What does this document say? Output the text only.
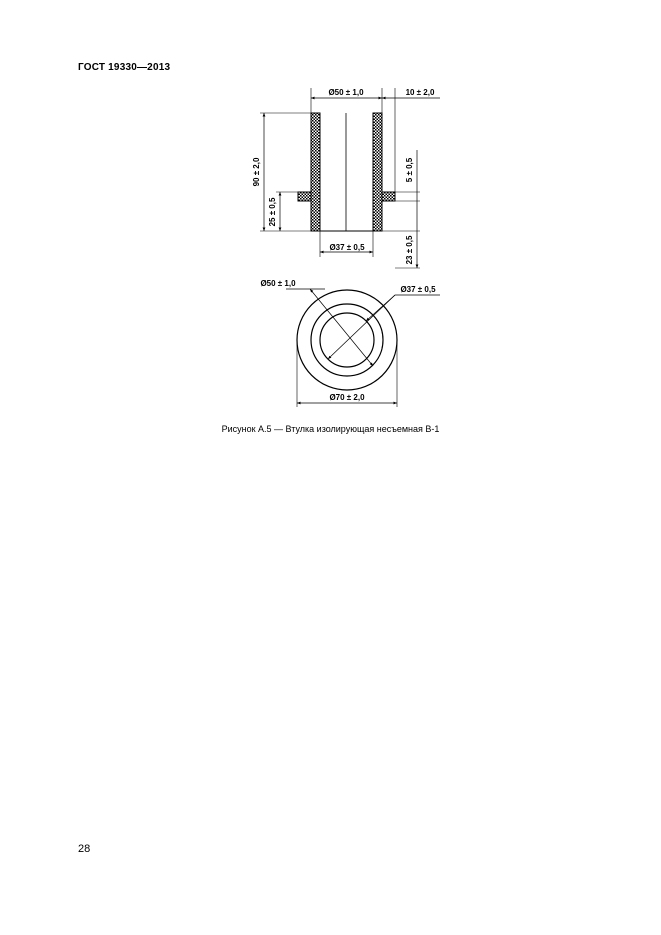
ГОСТ 19330—2013
Ø50 ± 1,0	10 ± 2,0
90 ± 2,0
25 ± 0,5
5 ± 0,5
23 ± 0,5
Ø37 ± 0,5
Ø50 ± 1,0
Ø37 ± 0,5
Ø70 ± 2,0
Рисунок А.5 — Втулка изолирующая несъемная В-1
28
